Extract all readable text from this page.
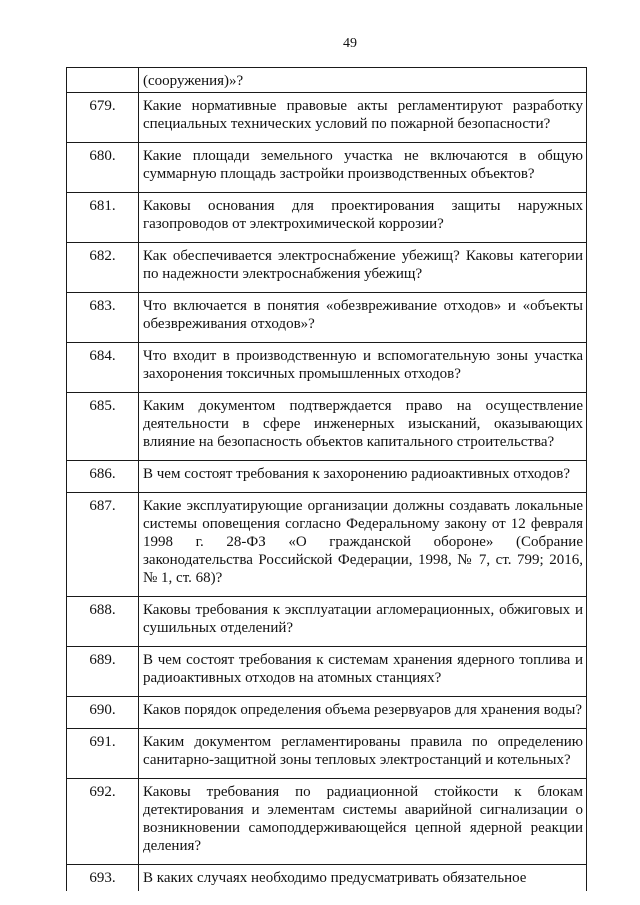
49
	(сооружения)»?
679.	Какие нормативные правовые акты регламентируют разработку специальных технических условий по пожарной безопасности?
680.	Какие площади земельного участка не включаются в общую суммарную площадь застройки производственных объектов?
681.	Каковы основания для проектирования защиты наружных газопроводов от электрохимической коррозии?
682.	Как обеспечивается электроснабжение убежищ? Каковы категории по надежности электроснабжения убежищ?
683.	Что включается в понятия «обезвреживание отходов» и «объекты обезвреживания отходов»?
684.	Что входит в производственную и вспомогательную зоны участка захоронения токсичных промышленных отходов?
685.	Каким документом подтверждается право на осуществление деятельности в сфере инженерных изысканий, оказывающих влияние на безопасность объектов капитального строительства?
686.	В чем состоят требования к захоронению радиоактивных отходов?
687.	Какие эксплуатирующие организации должны создавать локальные системы оповещения согласно Федеральному закону от 12 февраля 1998 г. 28-ФЗ «О гражданской обороне» (Собрание законодательства Российской Федерации, 1998, № 7, ст. 799; 2016, № 1, ст. 68)?
688.	Каковы требования к эксплуатации агломерационных, обжиговых и сушильных отделений?
689.	В чем состоят требования к системам хранения ядерного топлива и радиоактивных отходов на атомных станциях?
690.	Каков порядок определения объема резервуаров для хранения воды?
691.	Каким документом регламентированы правила по определению санитарно-защитной зоны тепловых электростанций и котельных?
692.	Каковы требования по радиационной стойкости к блокам детектирования и элементам системы аварийной сигнализации о возникновении самоподдерживающейся цепной ядерной реакции деления?
693.	В каких случаях необходимо предусматривать обязательное
